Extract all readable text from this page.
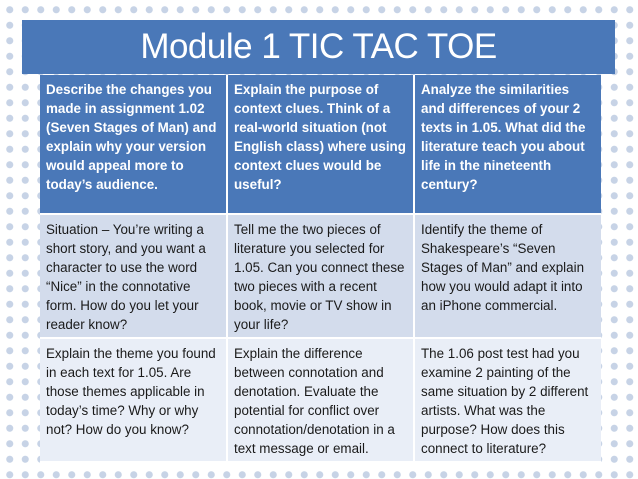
Module 1 TIC TAC TOE
Describe the changes you made in assignment 1.02 (Seven Stages of Man) and explain why your version would appeal more to today’s audience.
Explain the purpose of context clues. Think of a real-world situation (not English class) where using context clues would be useful?
Analyze the similarities and differences of your 2 texts in 1.05. What did the literature teach you about life in the nineteenth century?
Situation – You’re writing a short story, and you want a character to use the word “Nice” in the connotative form. How do you let your reader know?
Tell me the two pieces of literature you selected for 1.05. Can you connect these two pieces with a recent book, movie or TV show in your life?
Identify the theme of Shakespeare’s “Seven Stages of Man” and explain how you would adapt it into an iPhone commercial.
Explain the theme you found in each text for 1.05. Are those themes applicable in today’s time? Why or why not? How do you know?
Explain the difference between connotation and denotation. Evaluate the potential for conflict over connotation/denotation in a text message or email.
The 1.06 post test had you examine 2 painting of the same situation by 2 different artists. What was the purpose? How does this connect to literature?
